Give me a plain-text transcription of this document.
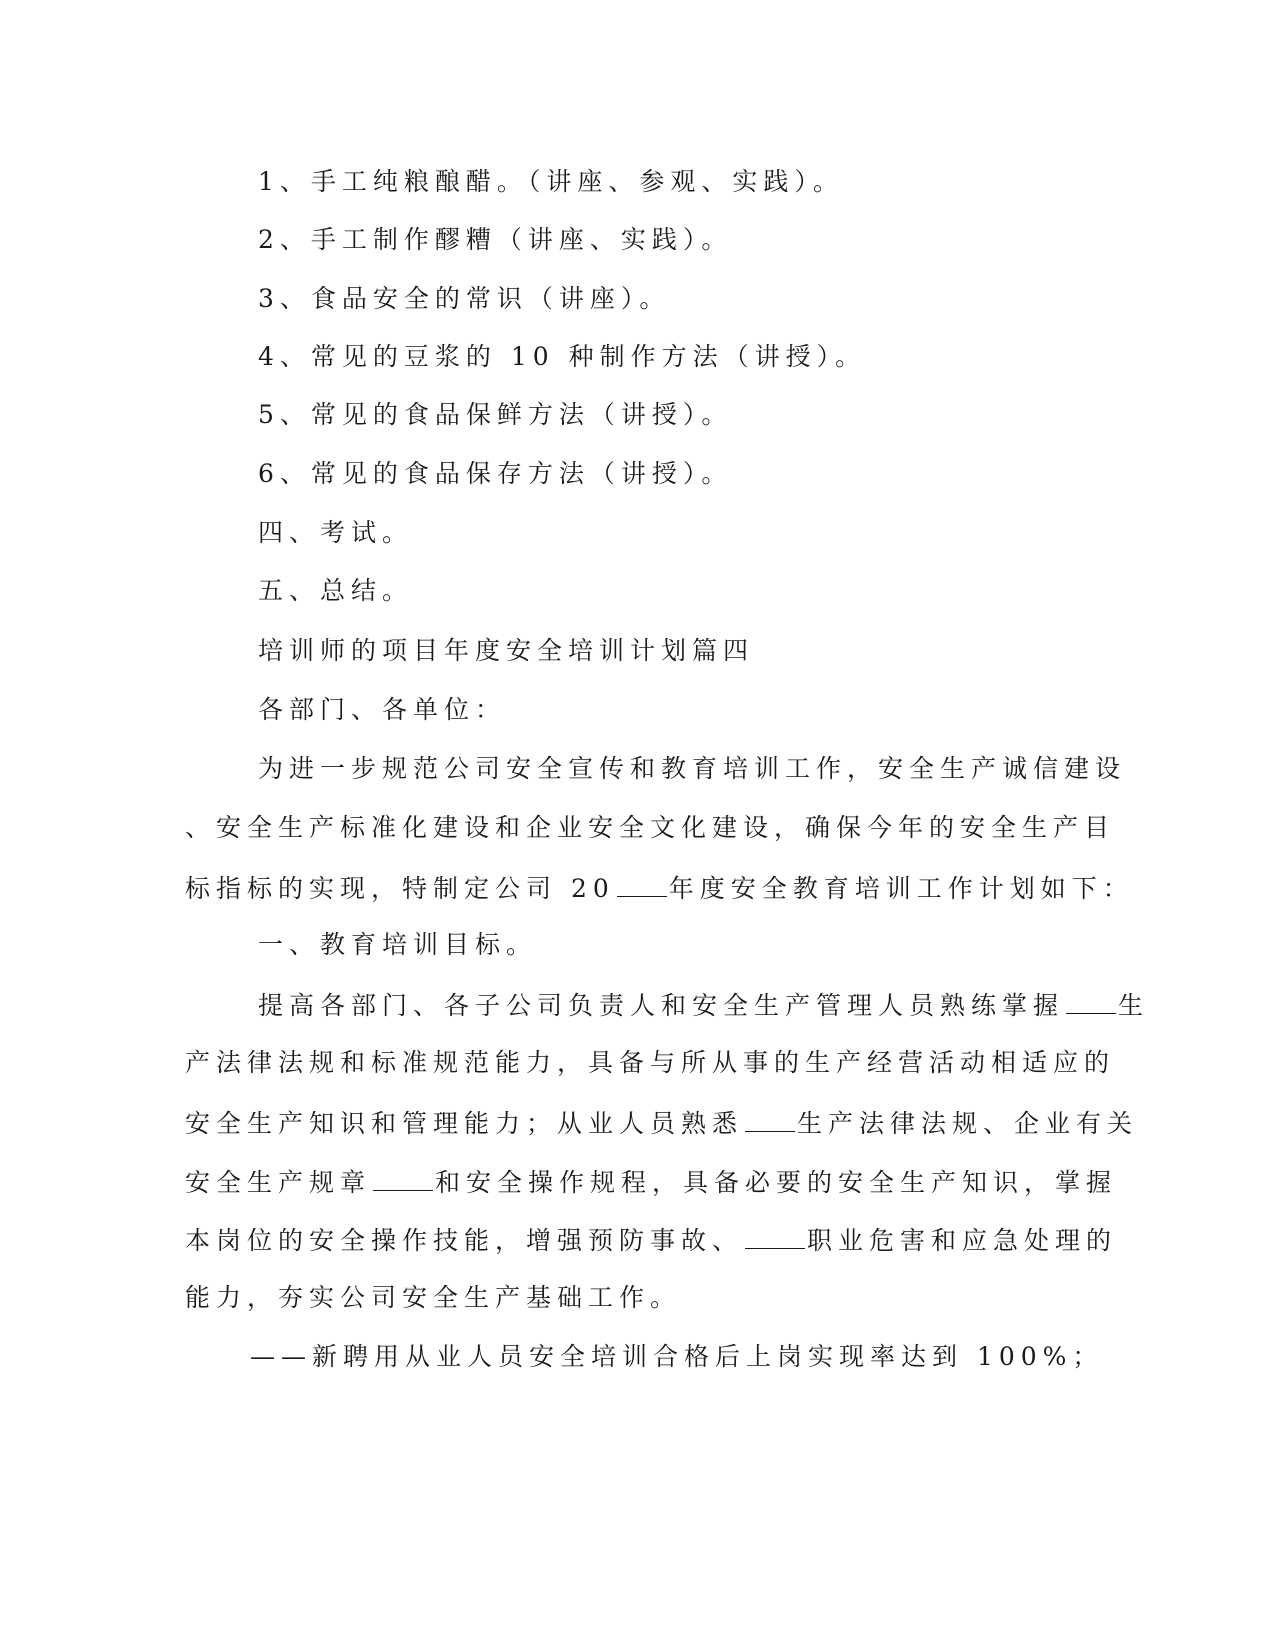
1、手工纯粮酿醋。（讲座、参观、实践）。
2、手工制作醪糟（讲座、实践）。
3、食品安全的常识（讲座）。
4、常见的豆浆的 10 种制作方法（讲授）。
5、常见的食品保鲜方法（讲授）。
6、常见的食品保存方法（讲授）。
四、考试。
五、总结。
培训师的项目年度安全培训计划篇四
各部门、各单位：
为进一步规范公司安全宣传和教育培训工作，安全生产诚信建设
、安全生产标准化建设和企业安全文化建设，确保今年的安全生产目
标指标的实现，特制定公司 20 年度安全教育培训工作计划如下：
一、教育培训目标。
提高各部门、各子公司负责人和安全生产管理人员熟练掌握 生
产法律法规和标准规范能力，具备与所从事的生产经营活动相适应的
安全生产知识和管理能力；从业人员熟悉 生产法律法规、企业有关
安全生产规章	和安全操作规程，具备必要的安全生产知识，掌握
本岗位的安全操作技能，增强预防事故、	职业危害和应急处理的
能力，夯实公司安全生产基础工作。
——新聘用从业人员安全培训合格后上岗实现率达到 100%；
